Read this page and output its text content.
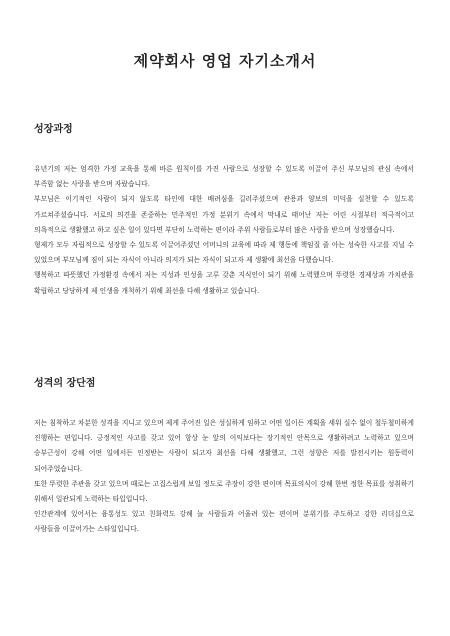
제약회사 영업 자기소개서
성장과정

유년기의 저는 엄격한 가정 교육을 통해 바른 원칙이를 가진 사람으로 성장할 수 있도록 이끌어 주신 부모님의 관심 속에서 부족함 없는 사랑을 받으며 자랐습니다.

부모님은 이기적인 사람이 되지 않도록 타인에 대한 배려심을 길러주셨으며 관용과 양보의 미덕을 실천할 수 있도록 가르쳐주셨습니다. 서로의 의견을 존중하는 민주적인 가정 분위기 속에서 막내로 태어난 저는 어린 시절부터 적극적이고 의욕적으로 생활했고 하고 싶은 일이 있다면 부단히 노력하는 편이라 주위 사람들로부터 많은 사랑을 받으며 성장했습니다.

형제가 모두 자립적으로 성장할 수 있도록 이끌어주셨던 어머니의 교육에 따라 제 행동에 책임질 줄 아는 성숙한 사고를 지닐 수 있었으며 부모님께 짐이 되는 자식이 아니라 의지가 되는 자식이 되고자 제 생활에 최선을 다했습니다.

행복하고 따뜻했던 가정환경 속에서 저는 지성과 인성을 고루 갖춘 지식인이 되기 위해 노력했으며 뚜렷한 경제상과 가치관을 확립하고 당당하게 제 인생을 개척하기 위해 최선을 다해 생활하고 있습니다.

성격의 장단점

저는 침착하고 차분한 성격을 지니고 있으며 제게 주어진 일은 성실하게 임하고 어떤 일이든 계획을 세워 실수 없이 철두철미하게 진행하는 편입니다. 긍정적인 사고를 갖고 있어 항상 눈 앞의 이익보다는 장기적인 안목으로 생활하려고 노력하고 있으며 승부근성이 강해 어떤 일에서든 인정받는 사람이 되고자 최선을 다해 생활했고, 그런 성향은 저를 발전시키는 원동력이 되어주었습니다.

또한 뚜렷한 주관을 갖고 있으며 때로는 고집스럽게 보일 정도로 주장이 강한 편이며 목표의식이 강해 한번 정한 목표를 성취하기 위해서 일관되게 노력하는 타입입니다.

인간관계에 있어서는 융통성도 있고 친화력도 강해 늘 사람들과 어울려 있는 편이며 분위기를 주도하고 강한 리더십으로 사람들을 이끌어가는 스타일입니다.
